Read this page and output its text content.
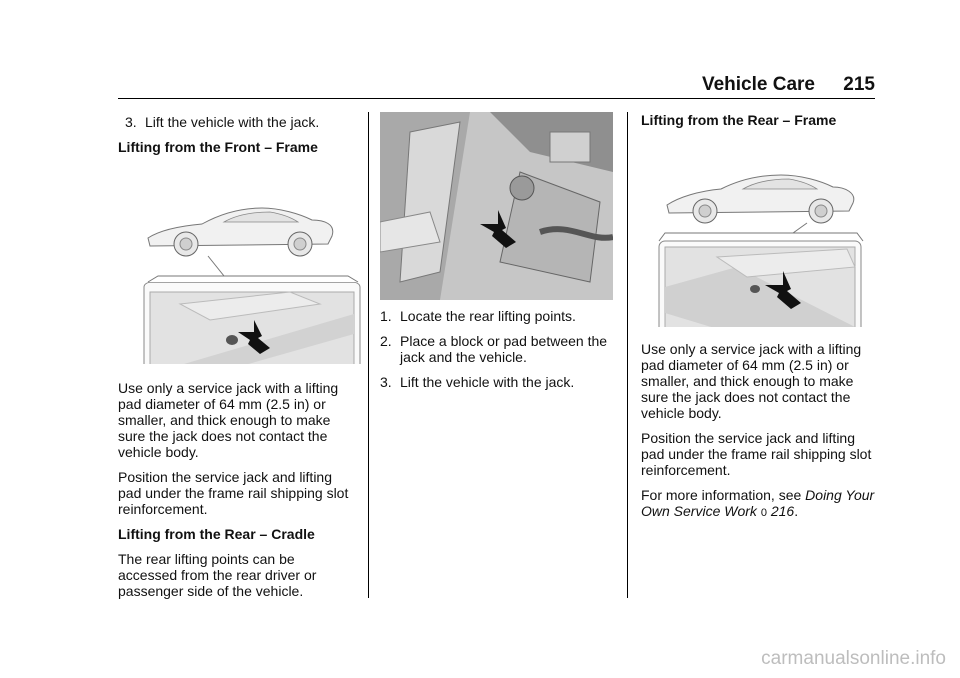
Vehicle Care 215
3. Lift the vehicle with the jack.
Lifting from the Front – Frame

Use only a service jack with a lifting pad diameter of 64 mm (2.5 in) or smaller, and thick enough to make sure the jack does not contact the vehicle body.

Position the service jack and lifting pad under the frame rail shipping slot reinforcement.

Lifting from the Rear – Cradle

The rear lifting points can be accessed from the rear driver or passenger side of the vehicle.

1. Locate the rear lifting points.
2. Place a block or pad between the jack and the vehicle.
3. Lift the vehicle with the jack.
Lifting from the Rear – Frame

Use only a service jack with a lifting pad diameter of 64 mm (2.5 in) or smaller, and thick enough to make sure the jack does not contact the vehicle body.

Position the service jack and lifting pad under the frame rail shipping slot reinforcement.

For more information, see Doing Your Own Service Work 0 216.

carmanualsonline.info
